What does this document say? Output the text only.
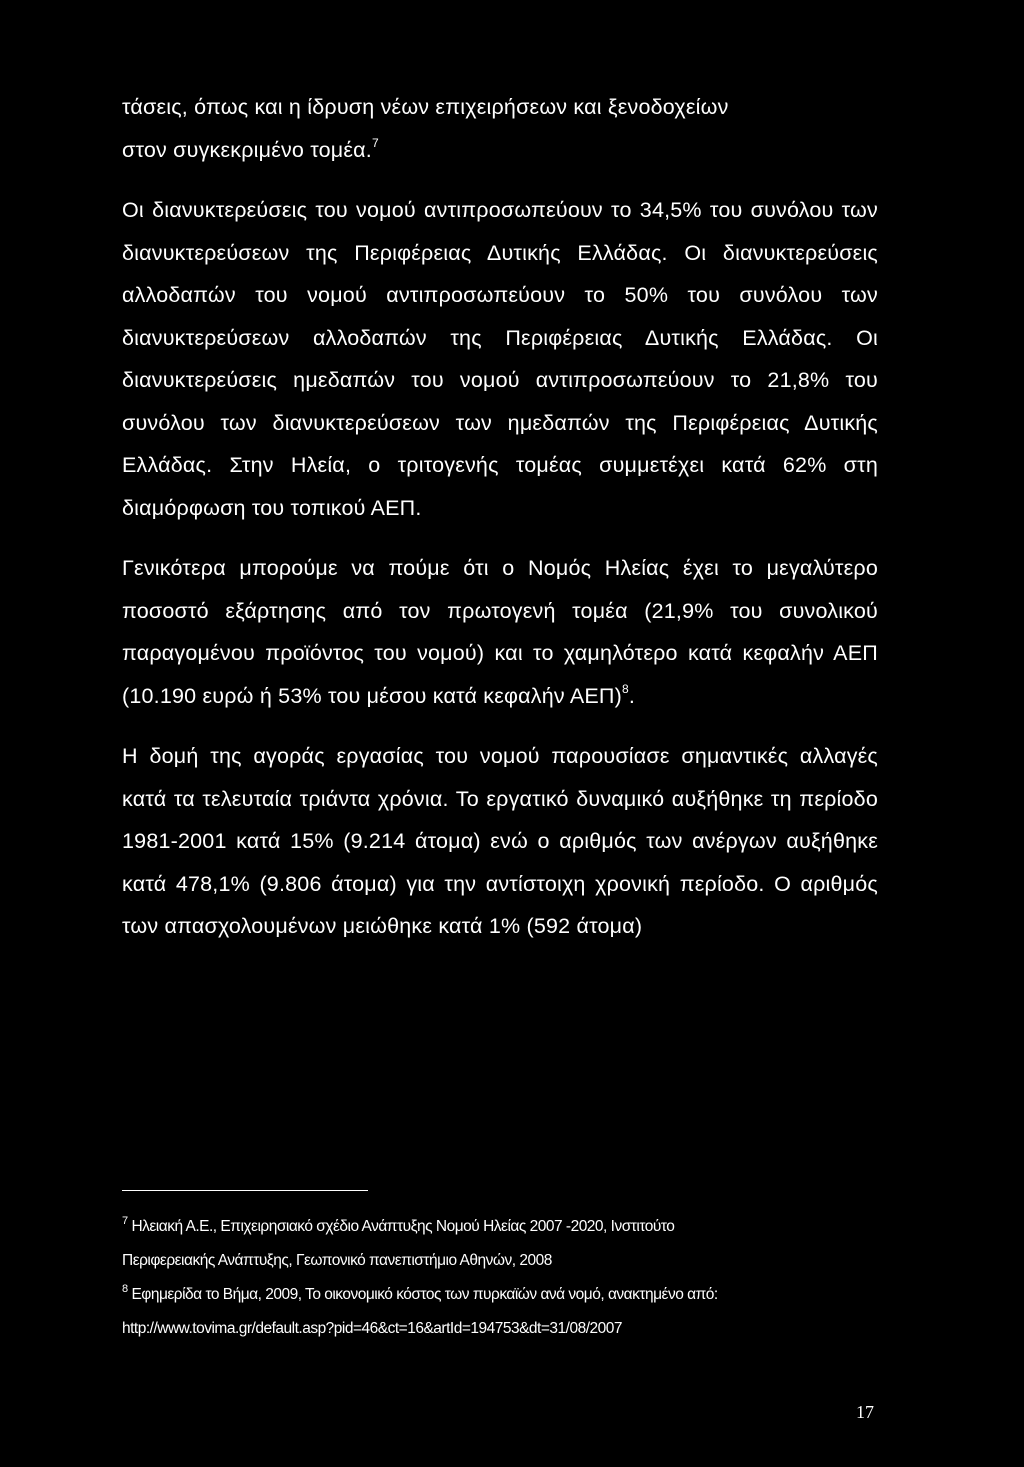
τάσεις, όπως και η ίδρυση νέων επιχειρήσεων και ξενοδοχείων
στον συγκεκριμένο τομέα.$^7$

Οι διανυκτερεύσεις του νομού αντιπροσωπεύουν το 34,5% του συνόλου των διανυκτερεύσεων της Περιφέρειας Δυτικής Ελλάδας. Οι διανυκτερεύσεις αλλοδαπών του νομού αντιπροσωπεύουν το 50% του συνόλου των διανυκτερεύσεων αλλοδαπών της Περιφέρειας Δυτικής Ελλάδας. Οι διανυκτερεύσεις ημεδαπών του νομού αντιπροσωπεύουν το 21,8% του συνόλου των διανυκτερεύσεων των ημεδαπών της Περιφέρειας Δυτικής Ελλάδας. Στην Ηλεία, ο τριτογενής τομέας συμμετέχει κατά 62% στη διαμόρφωση του τοπικού ΑΕΠ.

Γενικότερα μπορούμε να πούμε ότι ο Νομός Ηλείας έχει το μεγαλύτερο ποσοστό εξάρτησης από τον πρωτογενή τομέα (21,9% του συνολικού παραγομένου προϊόντος του νομού) και το χαμηλότερο κατά κεφαλήν ΑΕΠ (10.190 ευρώ ή 53% του μέσου κατά κεφαλήν ΑΕΠ)$^8$.

Η δομή της αγοράς εργασίας του νομού παρουσίασε σημαντικές αλλαγές κατά τα τελευταία τριάντα χρόνια. Το εργατικό δυναμικό αυξήθηκε τη περίοδο 1981-2001 κατά 15% (9.214 άτομα) ενώ ο αριθμός των ανέργων αυξήθηκε κατά 478,1% (9.806 άτομα) για την αντίστοιχη χρονική περίοδο. Ο αριθμός των απασχολουμένων μειώθηκε κατά 1% (592 άτομα)

$^7$ Ηλειακή Α.Ε., Επιχειρησιακό σχέδιο Ανάπτυξης Νομού Ηλείας 2007 -2020, Ινστιτούτο
Περιφερειακής Ανάπτυξης, Γεωπονικό πανεπιστήμιο Αθηνών, 2008

$^8$ Εφημερίδα το Βήμα, 2009, Το οικονομικό κόστος των πυρκαϊών ανά νομό, ανακτημένο από:
http://www.tovima.gr/default.asp?pid=46&ct=16&artId=194753&dt=31/08/2007

17
